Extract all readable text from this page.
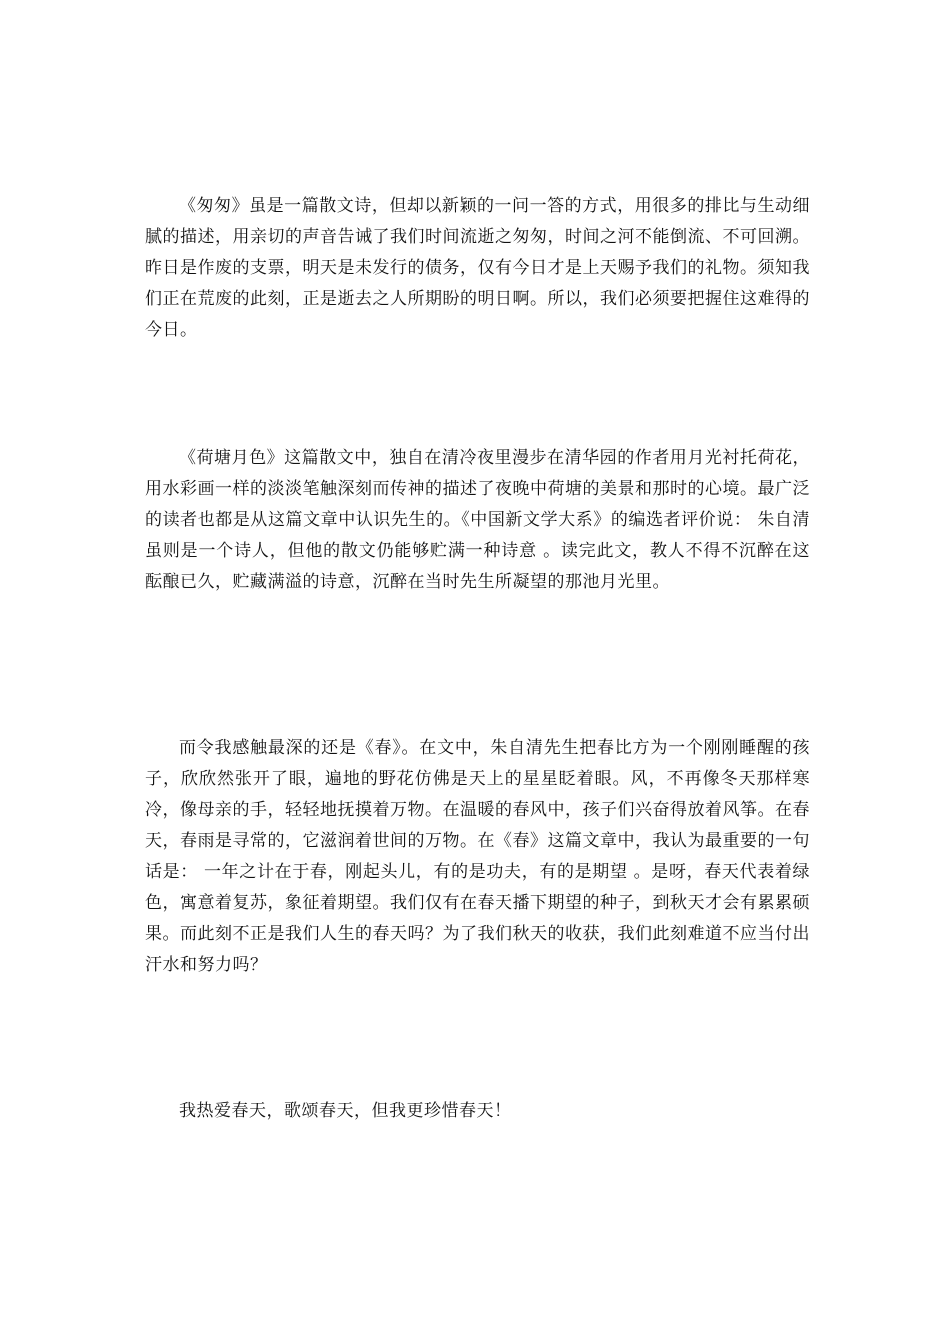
《匆匆》虽是一篇散文诗，但却以新颖的一问一答的方式，用很多的排比与生动细腻的描述，用亲切的声音告诫了我们时间流逝之匆匆，时间之河不能倒流、不可回溯。昨日是作废的支票，明天是未发行的债务，仅有今日才是上天赐予我们的礼物。须知我们正在荒废的此刻，正是逝去之人所期盼的明日啊。所以，我们必须要把握住这难得的今日。

《荷塘月色》这篇散文中，独自在清冷夜里漫步在清华园的作者用月光衬托荷花，用水彩画一样的淡淡笔触深刻而传神的描述了夜晚中荷塘的美景和那时的心境。最广泛的读者也都是从这篇文章中认识先生的。《中国新文学大系》的编选者评价说： 朱自清虽则是一个诗人，但他的散文仍能够贮满一种诗意 。读完此文，教人不得不沉醉在这酝酿已久，贮藏满溢的诗意，沉醉在当时先生所凝望的那池月光里。

而令我感触最深的还是《春》。在文中，朱自清先生把春比方为一个刚刚睡醒的孩子，欣欣然张开了眼，遍地的野花仿佛是天上的星星眨着眼。风，不再像冬天那样寒冷，像母亲的手，轻轻地抚摸着万物。在温暖的春风中，孩子们兴奋得放着风筝。在春天，春雨是寻常的，它滋润着世间的万物。在《春》这篇文章中，我认为最重要的一句话是： 一年之计在于春，刚起头儿，有的是功夫，有的是期望 。是呀，春天代表着绿色，寓意着复苏，象征着期望。我们仅有在春天播下期望的种子，到秋天才会有累累硕果。而此刻不正是我们人生的春天吗？为了我们秋天的收获，我们此刻难道不应当付出汗水和努力吗？

我热爱春天，歌颂春天，但我更珍惜春天！
